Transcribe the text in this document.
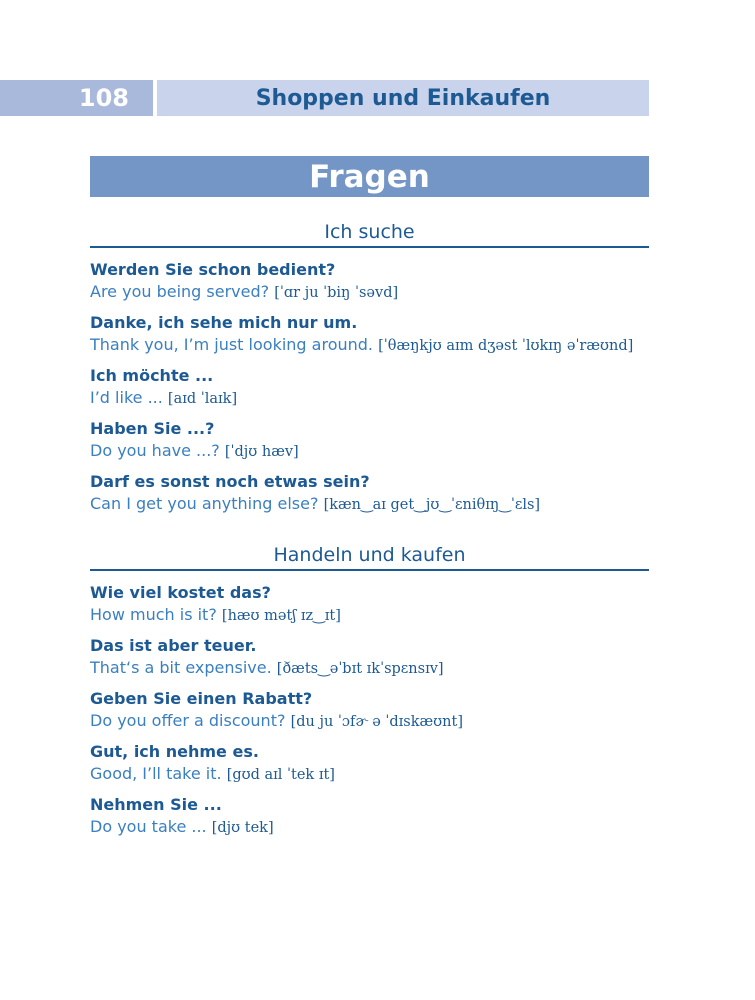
108	Shoppen und Einkaufen
Fragen
Ich suche
Werden Sie schon bedient?
Are you being served? [ˈɑr ju ˈbiŋ ˈsəvd]
Danke, ich sehe mich nur um.
Thank you, I’m just looking around. [ˈθæŋkjʊ aɪm dʒəst ˈlʊkɪŋ əˈræʊnd]
Ich möchte ...
I’d like ... [aɪd ˈlaɪk]
Haben Sie ...?
Do you have ...? [ˈdjʊ hæv]
Darf es sonst noch etwas sein?
Can I get you anything else? [kæn‿aɪ get‿jʊ‿ˈɛniθɪŋ‿ˈɛls]
Handeln und kaufen
Wie viel kostet das?
How much is it? [hæʊ mətʃ ɪz‿ɪt]
Das ist aber teuer.
That‘s a bit expensive. [ðæts‿əˈbɪt ɪkˈspɛnsɪv]
Geben Sie einen Rabatt?
Do you offer a discount? [du ju ˈɔfɚ ə ˈdɪskæʊnt]
Gut, ich nehme es.
Good, I’ll take it. [gʊd aɪl ˈtek ɪt]
Nehmen Sie ...
Do you take ... [djʊ tek]
